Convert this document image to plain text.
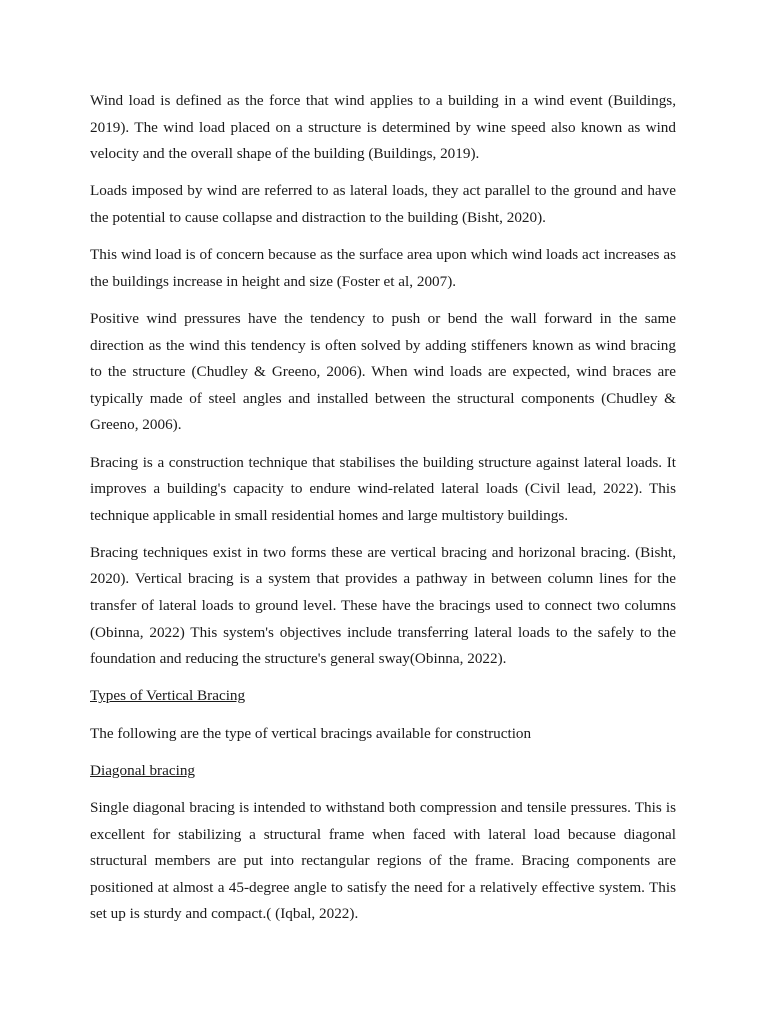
Wind load is defined as the force that wind applies to a building in a wind event (Buildings, 2019). The wind load placed on a structure is determined by wine speed also known as wind velocity and the overall shape of the building (Buildings, 2019).

Loads imposed by wind are referred to as lateral loads, they act parallel to the ground and have the potential to cause collapse and distraction to the building (Bisht, 2020).

This wind load is of concern because as the surface area upon which wind loads act increases as the buildings increase in height and size (Foster et al, 2007).

Positive wind pressures have the tendency to push or bend the wall forward in the same direction as the wind this tendency is often solved by adding stiffeners known as wind bracing to the structure (Chudley & Greeno, 2006). When wind loads are expected, wind braces are typically made of steel angles and installed between the structural components (Chudley & Greeno, 2006).

Bracing is a construction technique that stabilises the building structure against lateral loads. It improves a building's capacity to endure wind-related lateral loads (Civil lead, 2022). This technique applicable in small residential homes and large multistory buildings.

Bracing techniques exist in two forms these are vertical bracing and horizonal bracing. (Bisht, 2020). Vertical bracing is a system that provides a pathway in between column lines for the transfer of lateral loads to ground level. These have the bracings used to connect two columns (Obinna, 2022) This system's objectives include transferring lateral loads to the safely to the foundation and reducing the structure's general sway(Obinna, 2022).

Types of Vertical Bracing

The following are the type of vertical bracings available for construction

Diagonal bracing

Single diagonal bracing is intended to withstand both compression and tensile pressures. This is excellent for stabilizing a structural frame when faced with lateral load because diagonal structural members are put into rectangular regions of the frame. Bracing components are positioned at almost a 45-degree angle to satisfy the need for a relatively effective system. This set up is sturdy and compact.( (Iqbal, 2022).
